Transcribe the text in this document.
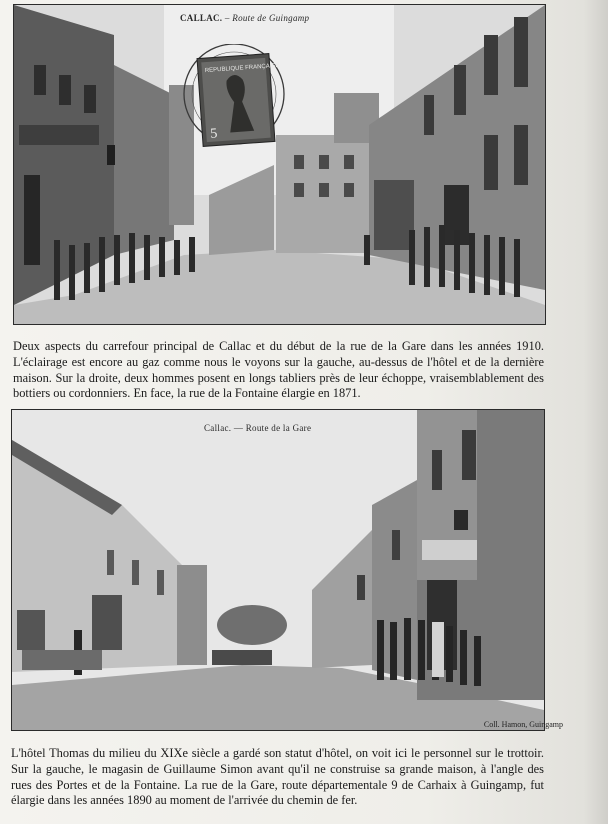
CALLAC. – Route de Guingamp
REPUBLIQUE FRANÇAISE
5

Deux aspects du carrefour principal de Callac et du début de la rue de la Gare dans les années 1910. L'éclairage est encore au gaz comme nous le voyons sur la gauche, au-dessus de l'hôtel et de la dernière maison. Sur la droite, deux hommes posent en longs tabliers près de leur échoppe, vraisemblablement des bottiers ou cordonniers. En face, la rue de la Fontaine élargie en 1871.

Callac. — Route de la Gare
Coll. Hamon, Guingamp

L'hôtel Thomas du milieu du XIXe siècle a gardé son statut d'hôtel, on voit ici le personnel sur le trottoir. Sur la gauche, le magasin de Guillaume Simon avant qu'il ne construise sa grande maison, à l'angle des rues des Portes et de la Fontaine. La rue de la Gare, route départementale 9 de Carhaix à Guingamp, fut élargie dans les années 1890 au moment de l'arrivée du chemin de fer.
